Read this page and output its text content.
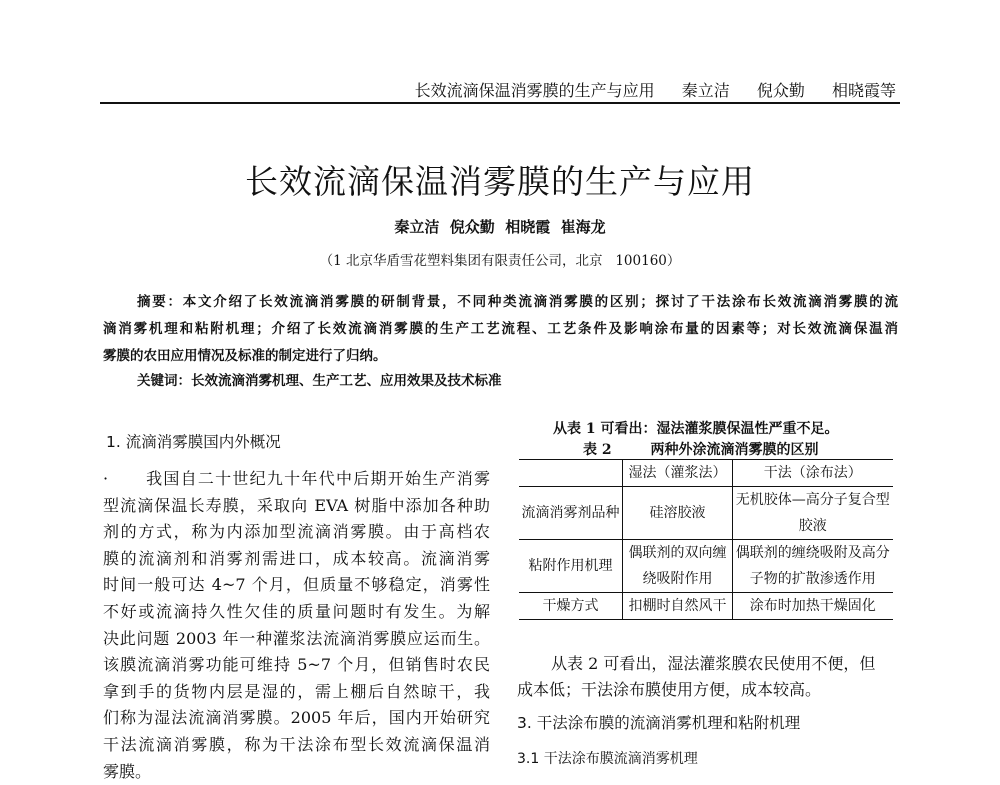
长效流滴保温消雾膜的生产与应用 秦立洁 倪众勤 相晓霞等
长效流滴保温消雾膜的生产与应用
秦立洁  倪众勤  相晓霞  崔海龙
（1 北京华盾雪花塑料集团有限责任公司，北京   100160）
摘要：本文介绍了长效流滴消雾膜的研制背景，不同种类流滴消雾膜的区别；探讨了干法涂布长效流滴消雾膜的流
滴消雾机理和粘附机理；介绍了长效流滴消雾膜的生产工艺流程、工艺条件及影响涂布量的因素等；对长效流滴保温消
雾膜的农田应用情况及标准的制定进行了归纳。
关键词：长效流滴消雾机理、生产工艺、应用效果及技术标准
1. 流滴消雾膜国内外概况
·      我国自二十世纪九十年代中后期开始生产消雾
型流滴保温长寿膜，采取向 EVA 树脂中添加各种助
剂的方式，称为内添加型流滴消雾膜。由于高档农
膜的流滴剂和消雾剂需进口，成本较高。流滴消雾
时间一般可达 4~7 个月，但质量不够稳定，消雾性
不好或流滴持久性欠佳的质量问题时有发生。为解
决此问题 2003 年一种灌浆法流滴消雾膜应运而生。
该膜流滴消雾功能可维持 5~7 个月，但销售时农民
拿到手的货物内层是湿的，需上棚后自然晾干，我
们称为湿法流滴消雾膜。2005 年后，国内开始研究
干法流滴消雾膜，称为干法涂布型长效流滴保温消
雾膜。
从表 1 可看出：湿法灌浆膜保温性严重不足。
表 2	两种外涂流滴消雾膜的区别
	湿法（灌浆法）	干法（涂布法）
流滴消雾剂品种	硅溶胶液	无机胶体—高分子复合型胶液
粘附作用机理	偶联剂的双向缠绕吸附作用	偶联剂的缠绕吸附及高分子物的扩散渗透作用
干燥方式	扣棚时自然风干	涂布时加热干燥固化
从表 2 可看出，湿法灌浆膜农民使用不便，但
成本低；干法涂布膜使用方便，成本较高。
3. 干法涂布膜的流滴消雾机理和粘附机理
3.1 干法涂布膜流滴消雾机理
